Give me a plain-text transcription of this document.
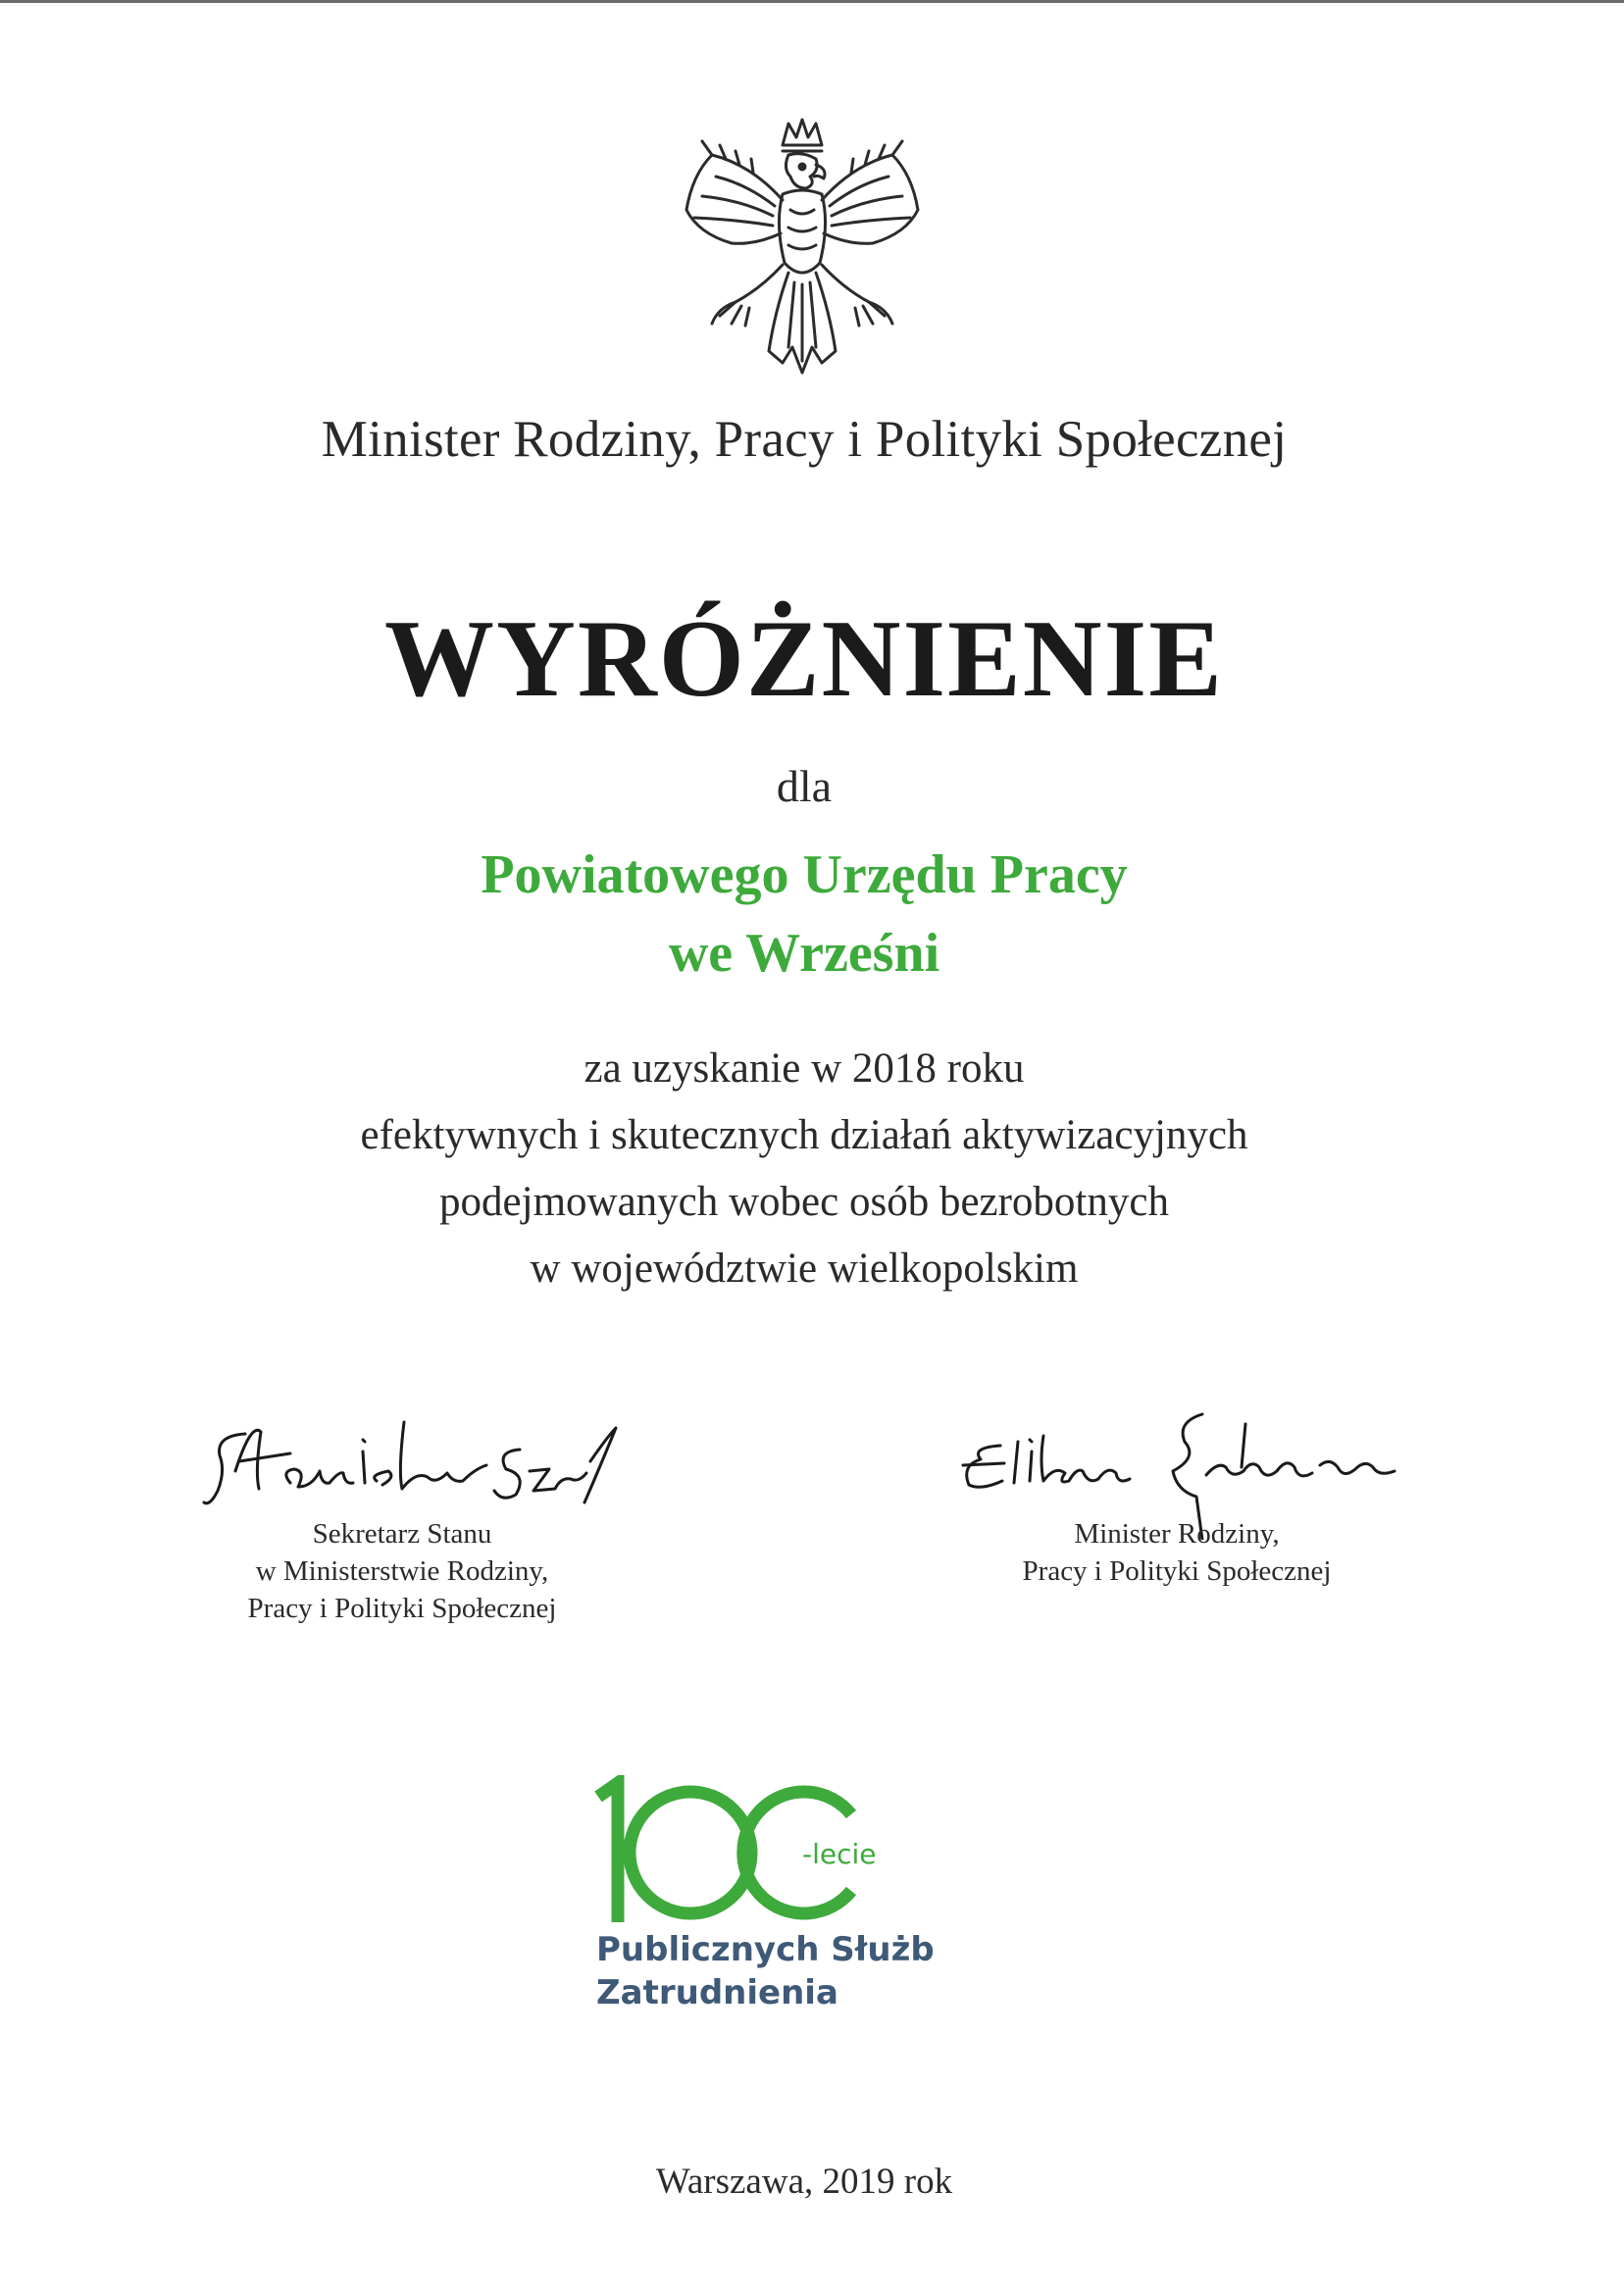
Minister Rodziny, Pracy i Polityki Społecznej
WYRÓŻNIENIE
dla
Powiatowego Urzędu Pracy
we Wrześni
za uzyskanie w 2018 roku
efektywnych i skutecznych działań aktywizacyjnych
podejmowanych wobec osób bezrobotnych
w województwie wielkopolskim
Sekretarz Stanu
w Ministerstwie Rodziny,
Pracy i Polityki Społecznej
Minister Rodziny,
Pracy i Polityki Społecznej
-lecie
Publicznych Służb
Zatrudnienia
Warszawa, 2019 rok
